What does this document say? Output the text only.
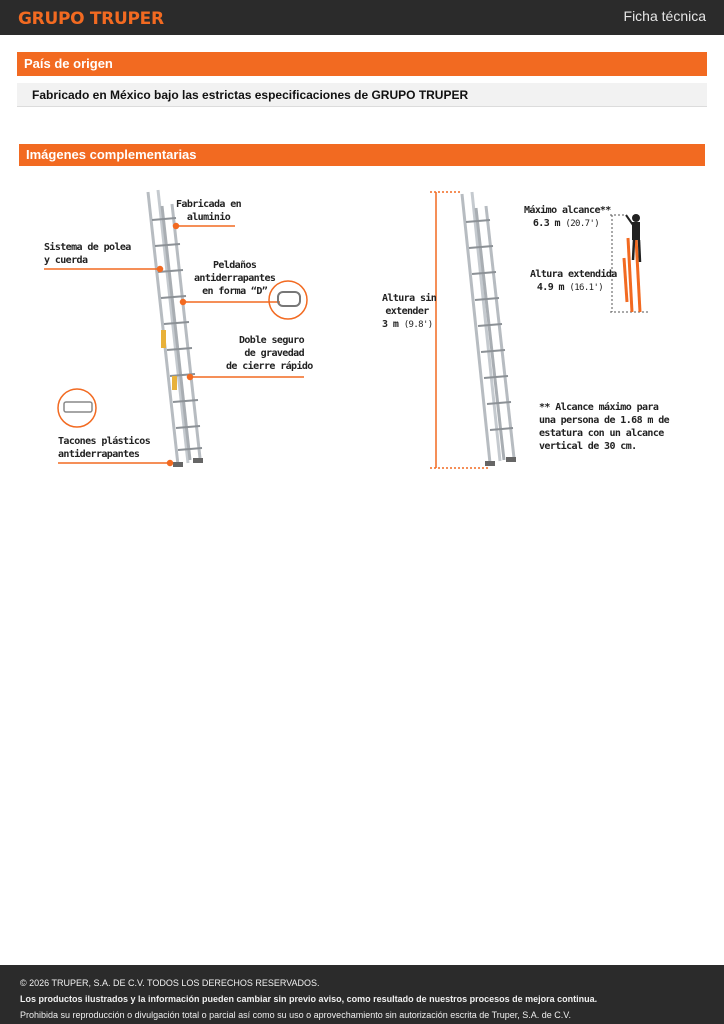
GRUPO TRUPER	Ficha técnica
País de origen
Fabricado en México bajo las estrictas especificaciones de GRUPO TRUPER
Imágenes complementarias
Fabricada en
aluminio
Sistema de polea
y cuerda	Peldaños
antiderrapantes
en forma “D”
Doble seguro
de gravedad
de cierre rápido
Tacones plásticos
antiderrapantes
Altura sin
extender
3 m (9.8')
Máximo alcance**
6.3 m (20.7')
Altura extendida
4.9 m (16.1')
** Alcance máximo para
una persona de 1.68 m de
estatura con un alcance
vertical de 30 cm.
© 2026 TRUPER, S.A. DE C.V. TODOS LOS DERECHOS RESERVADOS.
Los productos ilustrados y la información pueden cambiar sin previo aviso, como resultado de nuestros procesos de mejora continua.
Prohibida su reproducción o divulgación total o parcial así como su uso o aprovechamiento sin autorización escrita de Truper, S.A. de C.V.
